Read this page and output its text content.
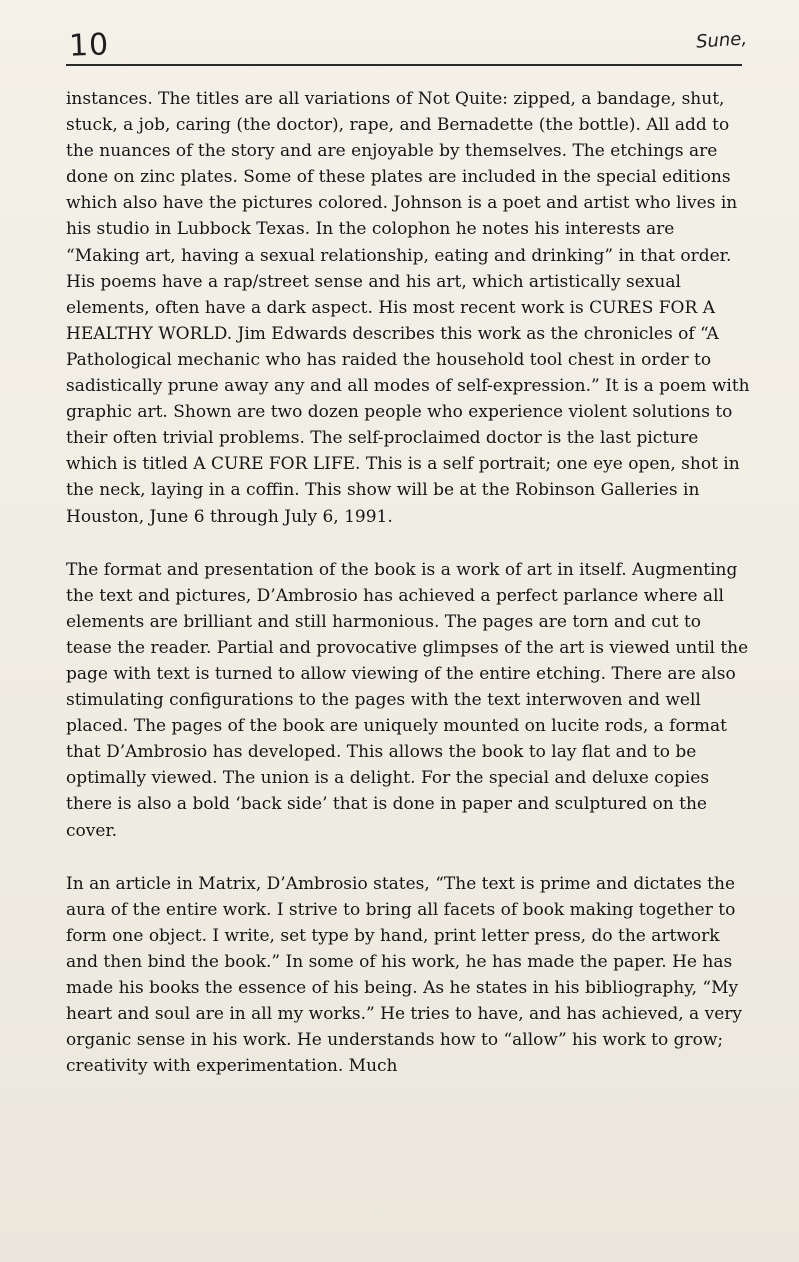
10	Sune,

instances. The titles are all variations of Not Quite: zipped, a bandage, shut, stuck, a job, caring (the doctor), rape, and Bernadette (the bottle). All add to the nuances of the story and are enjoyable by themselves. The etchings are done on zinc plates. Some of these plates are included in the special editions which also have the pictures colored. Johnson is a poet and artist who lives in his studio in Lubbock Texas. In the colophon he notes his interests are “Making art, having a sexual relationship, eating and drinking” in that order. His poems have a rap/street sense and his art, which artistically sexual elements, often have a dark aspect. His most recent work is CURES FOR A HEALTHY WORLD. Jim Edwards describes this work as the chronicles of “A Pathological mechanic who has raided the household tool chest in order to sadistically prune away any and all modes of self-expression.” It is a poem with graphic art. Shown are two dozen people who experience violent solutions to their often trivial problems. The self-proclaimed doctor is the last picture which is titled A CURE FOR LIFE. This is a self portrait; one eye open, shot in the neck, laying in a coffin. This show will be at the Robinson Galleries in Houston, June 6 through July 6, 1991.

The format and presentation of the book is a work of art in itself. Augmenting the text and pictures, D’Ambrosio has achieved a perfect parlance where all elements are brilliant and still harmonious. The pages are torn and cut to tease the reader. Partial and provocative glimpses of the art is viewed until the page with text is turned to allow viewing of the entire etching. There are also stimulating configurations to the pages with the text interwoven and well placed. The pages of the book are uniquely mounted on lucite rods, a format that D’Ambrosio has developed. This allows the book to lay flat and to be optimally viewed. The union is a delight. For the special and deluxe copies there is also a bold ‘back side’ that is done in paper and sculptured on the cover.

In an article in Matrix, D’Ambrosio states, “The text is prime and dictates the aura of the entire work. I strive to bring all facets of book making together to form one object. I write, set type by hand, print letter press, do the artwork and then bind the book.” In some of his work, he has made the paper. He has made his books the essence of his being. As he states in his bibliography, “My heart and soul are in all my works.” He tries to have, and has achieved, a very organic sense in his work. He understands how to “allow” his work to grow; creativity with experimentation. Much
